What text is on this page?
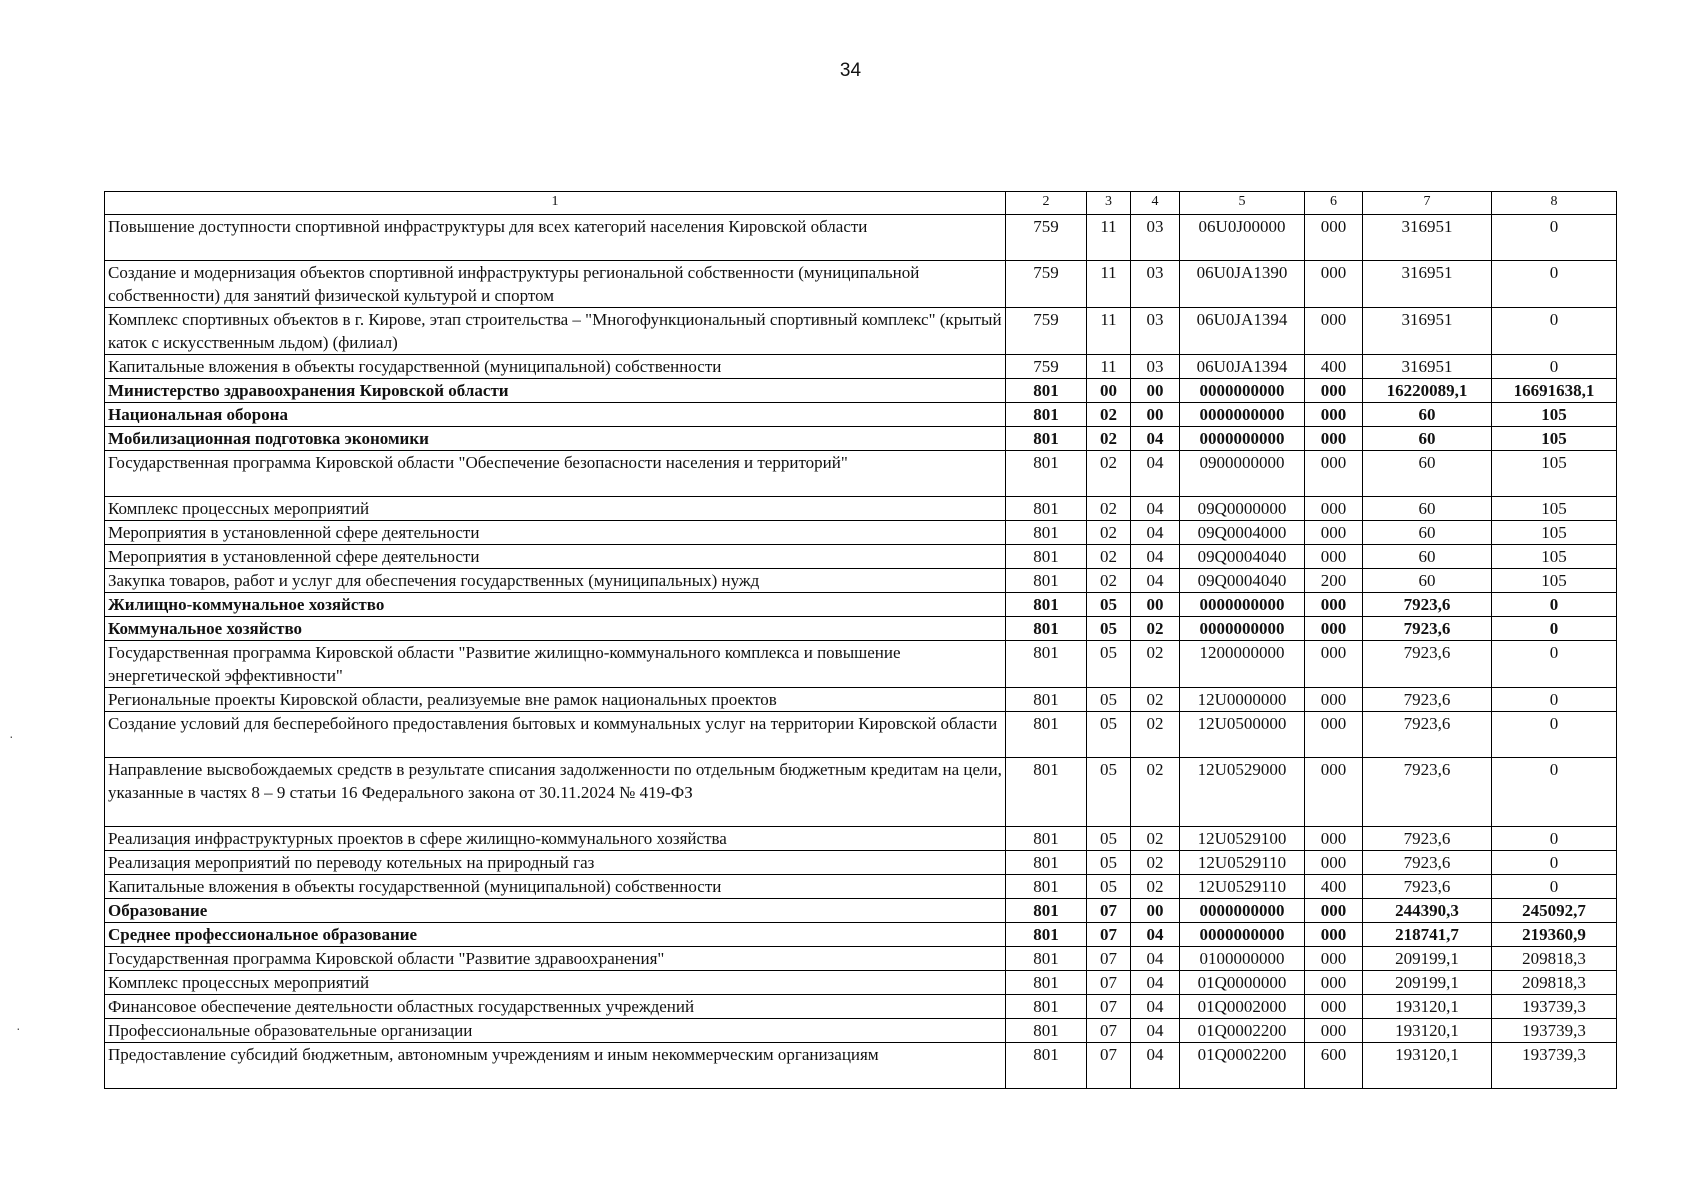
34
·
·
1	2	3	4	5	6	7	8
Повышение доступности спортивной инфраструктуры для всех категорий населения Кировской области	759	11	03	06U0J00000	000	316951	0
Создание и модернизация объектов спортивной инфраструктуры региональной собственности (муниципальной собственности) для занятий физической культурой и спортом	759	11	03	06U0JA1390	000	316951	0
Комплекс спортивных объектов в г. Кирове, этап строительства – "Многофункциональный спортивный комплекс" (крытый каток с искусственным льдом) (филиал)	759	11	03	06U0JA1394	000	316951	0
Капитальные вложения в объекты государственной (муниципальной) собственности	759	11	03	06U0JA1394	400	316951	0
Министерство здравоохранения Кировской области	801	00	00	0000000000	000	16220089,1	16691638,1
Национальная оборона	801	02	00	0000000000	000	60	105
Мобилизационная подготовка экономики	801	02	04	0000000000	000	60	105
Государственная программа Кировской области "Обеспечение безопасности населения и территорий"	801	02	04	0900000000	000	60	105
Комплекс процессных мероприятий	801	02	04	09Q0000000	000	60	105
Мероприятия в установленной сфере деятельности	801	02	04	09Q0004000	000	60	105
Мероприятия в установленной сфере деятельности	801	02	04	09Q0004040	000	60	105
Закупка товаров, работ и услуг для обеспечения государственных (муниципальных) нужд	801	02	04	09Q0004040	200	60	105
Жилищно-коммунальное хозяйство	801	05	00	0000000000	000	7923,6	0
Коммунальное хозяйство	801	05	02	0000000000	000	7923,6	0
Государственная программа Кировской области "Развитие жилищно-коммунального комплекса и повышение энергетической эффективности"	801	05	02	1200000000	000	7923,6	0
Региональные проекты Кировской области, реализуемые вне рамок национальных проектов	801	05	02	12U0000000	000	7923,6	0
Создание условий для бесперебойного предоставления бытовых и коммунальных услуг на территории Кировской области	801	05	02	12U0500000	000	7923,6	0
Направление высвобождаемых средств в результате списания задолженности по отдельным бюджетным кредитам на цели, указанные в частях 8 – 9 статьи 16 Федерального закона от 30.11.2024 № 419-ФЗ	801	05	02	12U0529000	000	7923,6	0
Реализация инфраструктурных проектов в сфере жилищно-коммунального хозяйства	801	05	02	12U0529100	000	7923,6	0
Реализация мероприятий по переводу котельных на природный газ	801	05	02	12U0529110	000	7923,6	0
Капитальные вложения в объекты государственной (муниципальной) собственности	801	05	02	12U0529110	400	7923,6	0
Образование	801	07	00	0000000000	000	244390,3	245092,7
Среднее профессиональное образование	801	07	04	0000000000	000	218741,7	219360,9
Государственная программа Кировской области "Развитие здравоохранения"	801	07	04	0100000000	000	209199,1	209818,3
Комплекс процессных мероприятий	801	07	04	01Q0000000	000	209199,1	209818,3
Финансовое обеспечение деятельности областных государственных учреждений	801	07	04	01Q0002000	000	193120,1	193739,3
Профессиональные образовательные организации	801	07	04	01Q0002200	000	193120,1	193739,3
Предоставление субсидий бюджетным, автономным учреждениям и иным некоммерческим организациям	801	07	04	01Q0002200	600	193120,1	193739,3
